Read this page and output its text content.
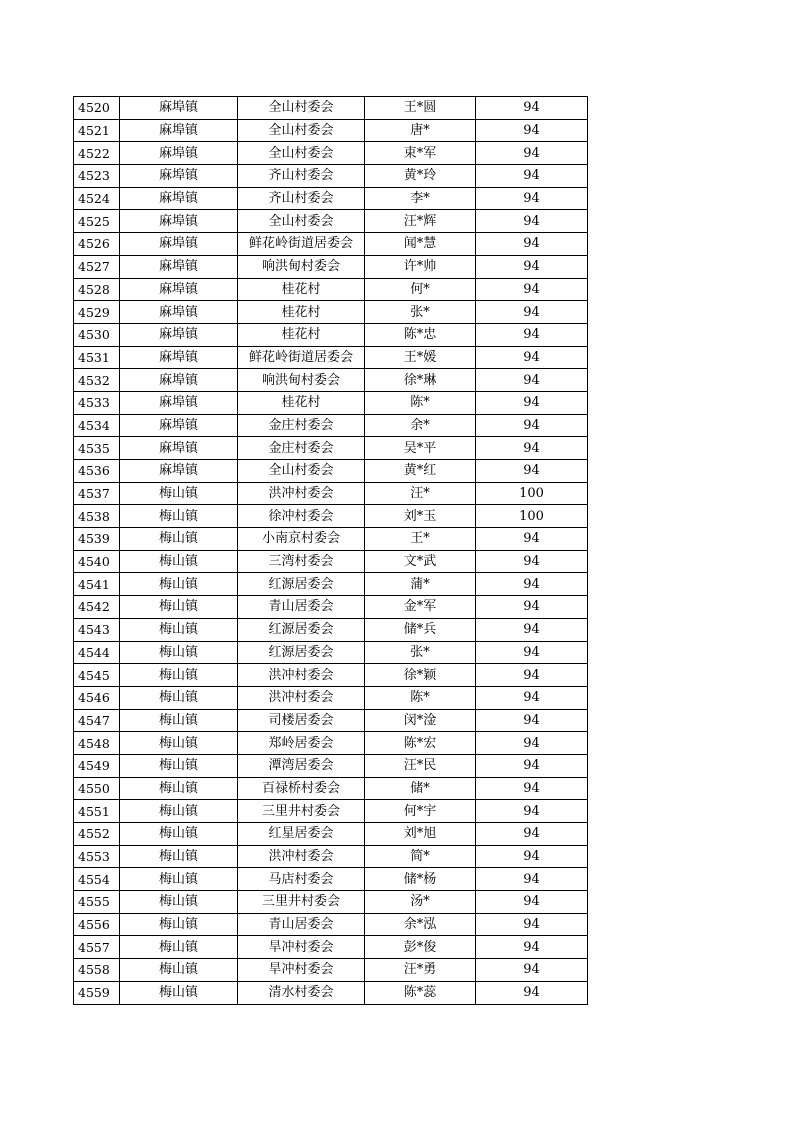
4520	麻埠镇	全山村委会	王*圆	94
4521	麻埠镇	全山村委会	唐*	94
4522	麻埠镇	全山村委会	束*军	94
4523	麻埠镇	齐山村委会	黄*玲	94
4524	麻埠镇	齐山村委会	李*	94
4525	麻埠镇	全山村委会	汪*辉	94
4526	麻埠镇	鲜花岭街道居委会	闻*慧	94
4527	麻埠镇	响洪甸村委会	许*帅	94
4528	麻埠镇	桂花村	何*	94
4529	麻埠镇	桂花村	张*	94
4530	麻埠镇	桂花村	陈*忠	94
4531	麻埠镇	鲜花岭街道居委会	王*媛	94
4532	麻埠镇	响洪甸村委会	徐*琳	94
4533	麻埠镇	桂花村	陈*	94
4534	麻埠镇	金庄村委会	余*	94
4535	麻埠镇	金庄村委会	吴*平	94
4536	麻埠镇	全山村委会	黄*红	94
4537	梅山镇	洪冲村委会	汪*	100
4538	梅山镇	徐冲村委会	刘*玉	100
4539	梅山镇	小南京村委会	王*	94
4540	梅山镇	三湾村委会	文*武	94
4541	梅山镇	红源居委会	蒲*	94
4542	梅山镇	青山居委会	金*军	94
4543	梅山镇	红源居委会	储*兵	94
4544	梅山镇	红源居委会	张*	94
4545	梅山镇	洪冲村委会	徐*颖	94
4546	梅山镇	洪冲村委会	陈*	94
4547	梅山镇	司楼居委会	闵*淦	94
4548	梅山镇	郑岭居委会	陈*宏	94
4549	梅山镇	潭湾居委会	汪*民	94
4550	梅山镇	百禄桥村委会	储*	94
4551	梅山镇	三里井村委会	何*宇	94
4552	梅山镇	红星居委会	刘*旭	94
4553	梅山镇	洪冲村委会	简*	94
4554	梅山镇	马店村委会	储*杨	94
4555	梅山镇	三里井村委会	汤*	94
4556	梅山镇	青山居委会	余*泓	94
4557	梅山镇	旱冲村委会	彭*俊	94
4558	梅山镇	旱冲村委会	汪*勇	94
4559	梅山镇	清水村委会	陈*蕊	94
